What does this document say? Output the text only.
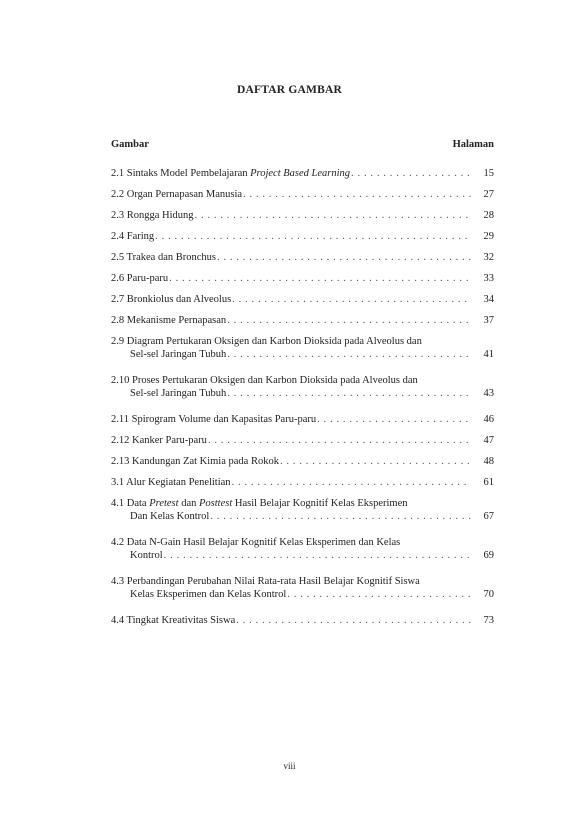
DAFTAR GAMBAR
Gambar	Halaman
2.1 Sintaks Model Pembelajaran Project Based Learning . . .	15
2.2 Organ Pernapasan Manusia . . .	27
2.3 Rongga Hidung . . .	28
2.4 Faring . . .	29
2.5 Trakea dan Bronchus . . .	32
2.6 Paru-paru . . .	33
2.7 Bronkiolus dan Alveolus . . .	34
2.8 Mekanisme Pernapasan . . .	37
2.9 Diagram Pertukaran Oksigen dan Karbon Dioksida pada Alveolus dan
Sel-sel Jaringan Tubuh . . .	41
2.10 Proses Pertukaran Oksigen dan Karbon Dioksida pada Alveolus dan
Sel-sel Jaringan Tubuh . . .	43
2.11 Spirogram Volume dan Kapasitas Paru-paru . . .	46
2.12 Kanker Paru-paru . . .	47
2.13 Kandungan Zat Kimia pada Rokok . . .	48
3.1 Alur Kegiatan Penelitian . . .	61
4.1 Data Pretest dan Posttest Hasil Belajar Kognitif Kelas Eksperimen
Dan Kelas Kontrol . . .	67
4.2 Data N-Gain Hasil Belajar Kognitif Kelas Eksperimen dan Kelas
Kontrol . . .	69
4.3 Perbandingan Perubahan Nilai Rata-rata Hasil Belajar Kognitif Siswa
Kelas Eksperimen dan Kelas Kontrol . . .	70
4.4 Tingkat Kreativitas Siswa . . .	73
viii
